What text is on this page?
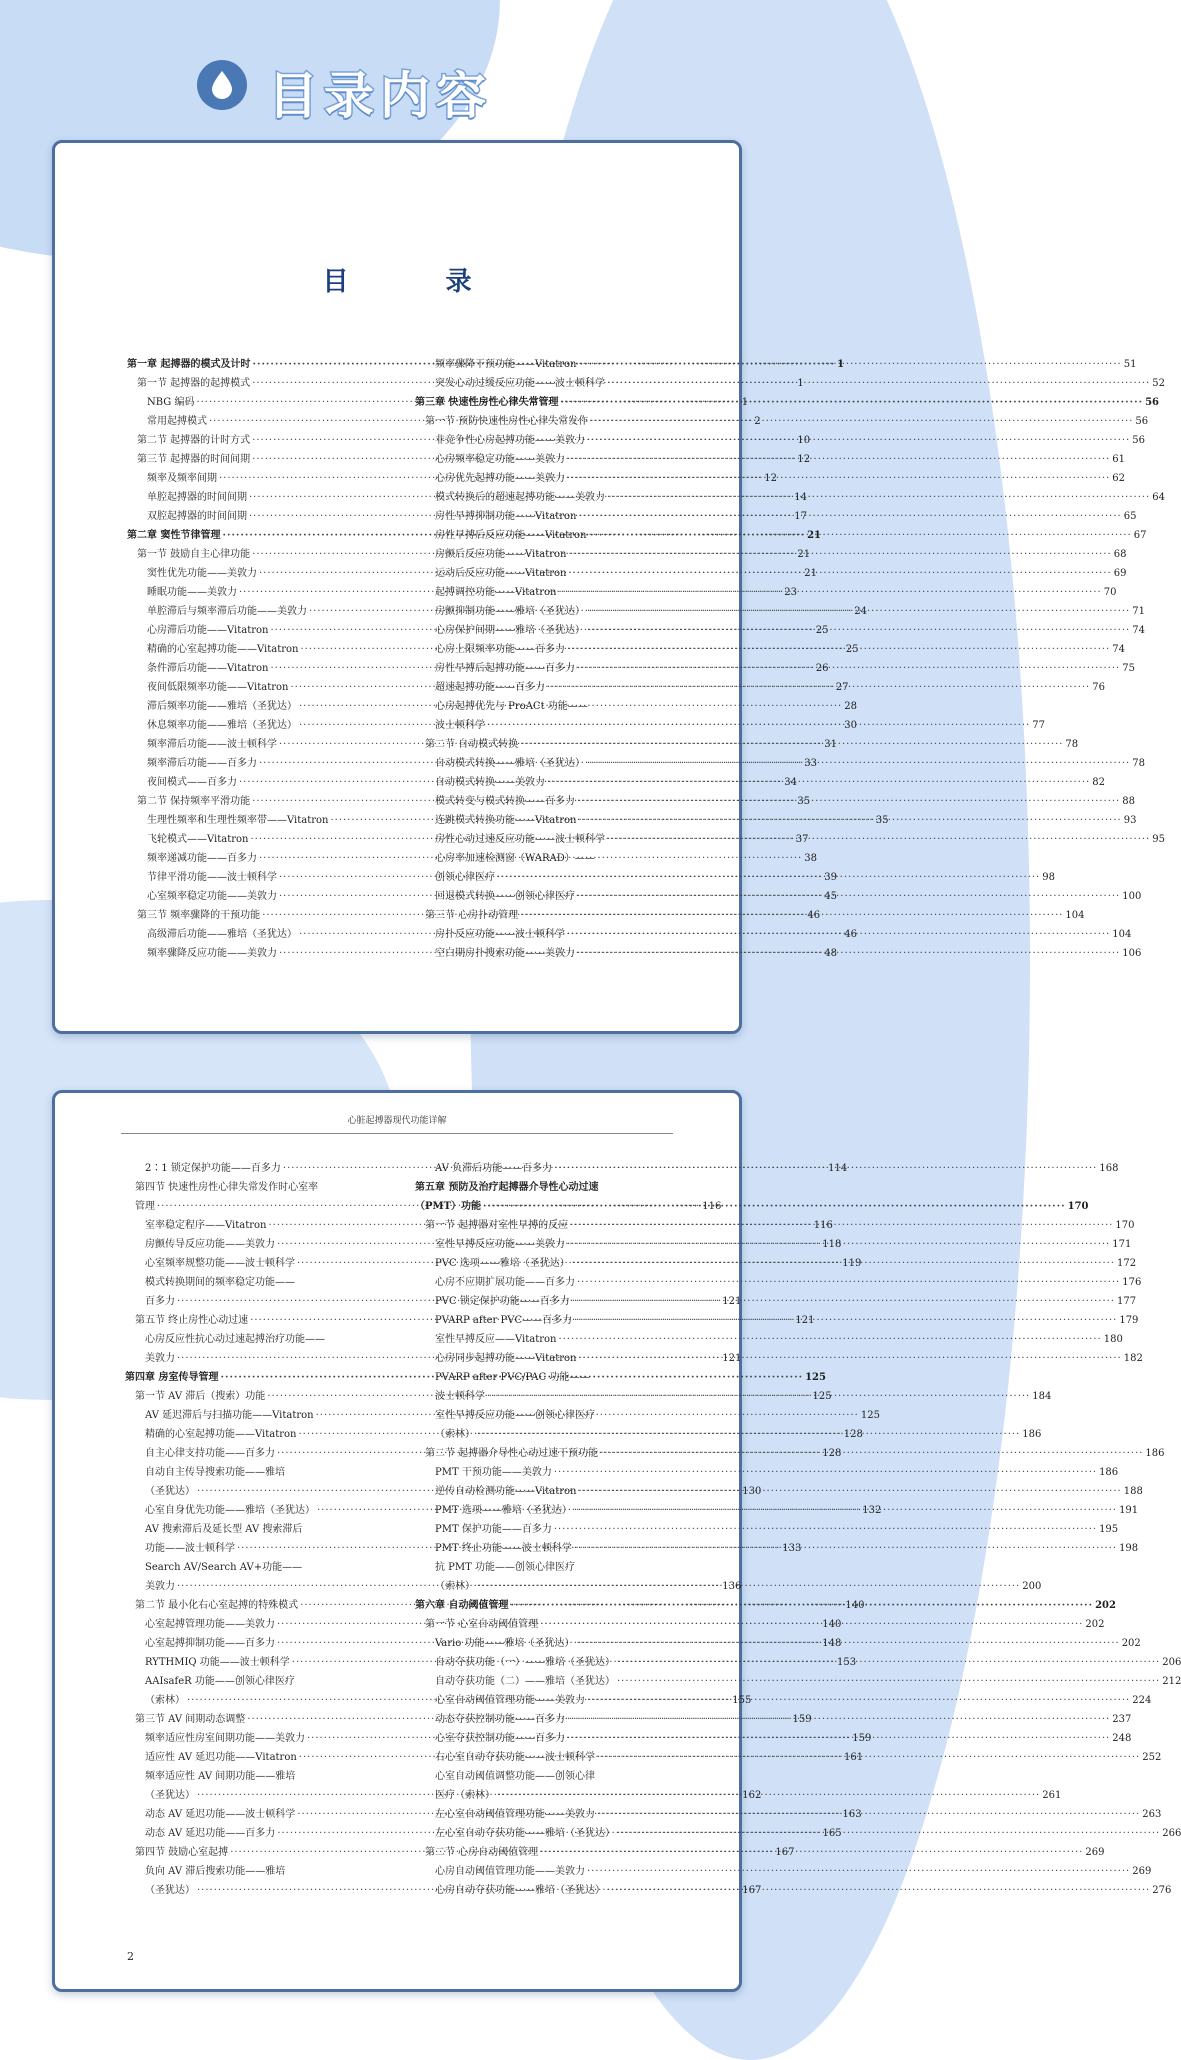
目录内容
目 录
第一章 起搏器的模式及计时 ·····	1
第一节 起搏器的起搏模式 ·····	1
NBG 编码 ·····	1
常用起搏模式 ·····	2
第二节 起搏器的计时方式 ·····	10
第三节 起搏器的时间间期 ·····	12
频率及频率间期 ·····	12
单腔起搏器的时间间期 ·····	14
双腔起搏器的时间间期 ·····	17
第二章 窦性节律管理 ·····	21
第一节 鼓励自主心律功能 ·····	21
窦性优先功能——美敦力 ·····	21
睡眠功能——美敦力 ·····	23
单腔滞后与频率滞后功能——美敦力 ·····	24
心房滞后功能——Vitatron ·····	25
精确的心室起搏功能——Vitatron ·····	25
条件滞后功能——Vitatron ·····	26
夜间低限频率功能——Vitatron ·····	27
滞后频率功能——雅培（圣犹达） ·····	28
休息频率功能——雅培（圣犹达） ·····	30
频率滞后功能——波士顿科学 ·····	31
频率滞后功能——百多力 ·····	33
夜间模式——百多力 ·····	34
第二节 保持频率平滑功能 ·····	35
生理性频率和生理性频率带——Vitatron ·····	35
飞轮模式——Vitatron ·····	37
频率递减功能——百多力 ·····	38
节律平滑功能——波士顿科学 ·····	39
心室频率稳定功能——美敦力 ·····	45
第三节 频率骤降的干预功能 ·····	46
高级滞后功能——雅培（圣犹达） ·····	46
频率骤降反应功能——美敦力 ·····	48
频率骤降干预功能——Vitatron ·····	51
突发心动过缓反应功能——波士顿科学 ·····	52
第三章 快速性房性心律失常管理 ·····	56
第一节 预防快速性房性心律失常发作 ·····	56
非竞争性心房起搏功能——美敦力 ·····	56
心房频率稳定功能——美敦力 ·····	61
心房优先起搏功能——美敦力 ·····	62
模式转换后的超速起搏功能——美敦力 ·····	64
房性早搏抑制功能——Vitatron ·····	65
房性早搏后反应功能——Vitatron ·····	67
房颤后反应功能——Vitatron ·····	68
运动后反应功能——Vitatron ·····	69
起搏调控功能——Vitatron ·····	70
房颤抑制功能——雅培（圣犹达） ·····	71
心房保护间期——雅培（圣犹达） ·····	74
心房上限频率功能——百多力 ·····	74
房性早搏后起搏功能——百多力 ·····	75
超速起搏功能——百多力 ·····	76
心房起搏优先与 ProACt 功能——
波士顿科学 ·····	77
第二节 自动模式转换 ·····	78
自动模式转换——雅培（圣犹达） ·····	78
自动模式转换——美敦力 ·····	82
模式转变与模式转换——百多力 ·····	88
连跳模式转换功能——Vitatron ·····	93
房性心动过速反应功能——波士顿科学 ·····	95
心房率加速检测窗（WARAD）——
创领心律医疗 ·····	98
回退模式转换——创领心律医疗 ·····	100
第三节 心房扑动管理 ·····	104
房扑反应功能——波士顿科学 ·····	104
空白期房扑搜索功能——美敦力 ·····	106
心脏起搏器现代功能详解
2∶1 锁定保护功能——百多力 ·····	114
第四节 快速性房性心律失常发作时心室率
管理 ·····	116
室率稳定程序——Vitatron ·····	116
房颤传导反应功能——美敦力 ·····	118
心室频率规整功能——波士顿科学 ·····	119
模式转换期间的频率稳定功能——
百多力 ·····	121
第五节 终止房性心动过速 ·····	121
心房反应性抗心动过速起搏治疗功能——
美敦力 ·····	121
第四章 房室传导管理 ·····	125
第一节 AV 滞后（搜索）功能 ·····	125
AV 延迟滞后与扫描功能——Vitatron ·····	125
精确的心室起搏功能——Vitatron ·····	128
自主心律支持功能——百多力 ·····	128
自动自主传导搜索功能——雅培
（圣犹达） ·····	130
心室自身优先功能——雅培（圣犹达） ·····	132
AV 搜索滞后及延长型 AV 搜索滞后
功能——波士顿科学 ·····	133
Search AV/Search AV+功能——
美敦力 ·····	136
第二节 最小化右心室起搏的特殊模式 ·····	140
心室起搏管理功能——美敦力 ·····	140
心室起搏抑制功能——百多力 ·····	148
RYTHMIQ 功能——波士顿科学 ·····	153
AAIsafeR 功能——创领心律医疗
（索林） ·····	155
第三节 AV 间期动态调整 ·····	159
频率适应性房室间期功能——美敦力 ·····	159
适应性 AV 延迟功能——Vitatron ·····	161
频率适应性 AV 间期功能——雅培
（圣犹达） ·····	162
动态 AV 延迟功能——波士顿科学 ·····	163
动态 AV 延迟功能——百多力 ·····	165
第四节 鼓励心室起搏 ·····	167
负向 AV 滞后搜索功能——雅培
（圣犹达） ·····	167
AV 负滞后功能——百多力 ·····	168
第五章 预防及治疗起搏器介导性心动过速
（PMT）功能 ·····	170
第一节 起搏器对室性早搏的反应 ·····	170
室性早搏反应功能——美敦力 ·····	171
PVC 选项——雅培（圣犹达） ·····	172
心房不应期扩展功能——百多力 ·····	176
PVC 锁定保护功能——百多力 ·····	177
PVARP after PVC——百多力 ·····	179
室性早搏反应——Vitatron ·····	180
心房同步起搏功能——Vitatron ·····	182
PVARP after PVC/PAC 功能——
波士顿科学 ·····	184
室性早搏反应功能——创领心律医疗
（索林） ·····	186
第二节 起搏器介导性心动过速干预功能 ·····	186
PMT 干预功能——美敦力 ·····	186
逆传自动检测功能——Vitatron ·····	188
PMT 选项——雅培（圣犹达） ·····	191
PMT 保护功能——百多力 ·····	195
PMT 终止功能——波士顿科学 ·····	198
抗 PMT 功能——创领心律医疗
（索林） ·····	200
第六章 自动阈值管理 ·····	202
第一节 心室自动阈值管理 ·····	202
Vario 功能——雅培（圣犹达） ·····	202
自动夺获功能（一）——雅培（圣犹达） ·····	206
自动夺获功能（二）——雅培（圣犹达） ·····	212
心室自动阈值管理功能——美敦力 ·····	224
动态夺获控制功能——百多力 ·····	237
心室夺获控制功能——百多力 ·····	248
右心室自动夺获功能——波士顿科学 ·····	252
心室自动阈值调整功能——创领心律
医疗（索林） ·····	261
左心室自动阈值管理功能——美敦力 ·····	263
左心室自动夺获功能——雅培（圣犹达） ·····	266
第二节 心房自动阈值管理 ·····	269
心房自动阈值管理功能——美敦力 ·····	269
心房自动夺获功能——雅培（圣犹达） ·····	276
2
